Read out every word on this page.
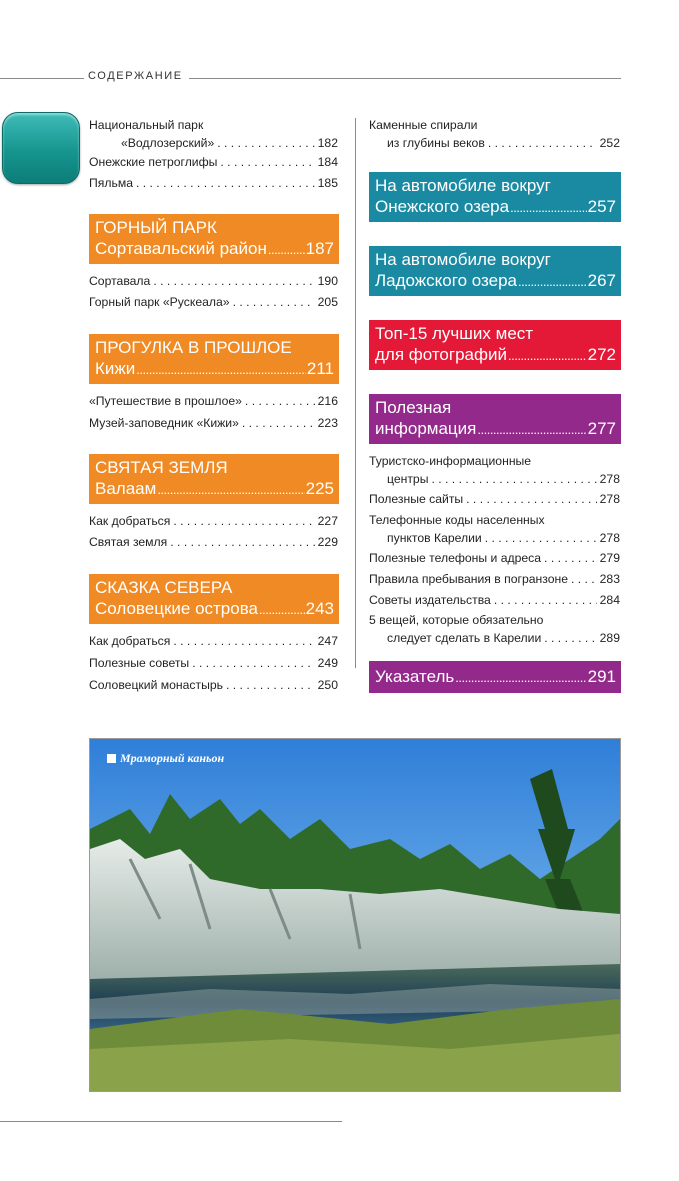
СОДЕРЖАНИЕ
Национальный парк
«Водлозерский» . . .	182
Онежские петроглифы . . .	184
Пяльма . . .	185
ГОРНЫЙ ПАРК
Сортавальский район ..... 187
Сортавала . . .	190
Горный парк «Рускеала» . . .	205
ПРОГУЛКА В ПРОШЛОЕ
Кижи .....	211
«Путешествие в прошлое» . . .	216
Музей-заповедник «Кижи» . . .	223
СВЯТАЯ ЗЕМЛЯ
Валаам .....	225
Как добраться . . .	227
Святая земля . . .	229
СКАЗКА СЕВЕРА
Соловецкие острова .....	243
Как добраться . . .	247
Полезные советы . . .	249
Соловецкий монастырь . . .	250
Каменные спирали
из глубины веков . . .	252
На автомобиле вокруг
Онежского озера .....	257
На автомобиле вокруг
Ладожского озера .....	267
Топ-15 лучших мест
для фотографий .....	272
Полезная
информация .....	277
Туристско-информационные
центры . . .	278
Полезные сайты . . .	278
Телефонные коды населенных
пунктов Карелии . . .	278
Полезные телефоны и адреса . . .	279
Правила пребывания в погранзоне . . .	283
Советы издательства . . .	284
5 вещей, которые обязательно
следует сделать в Карелии . . .	289
Указатель .....	291
Мраморный каньон
